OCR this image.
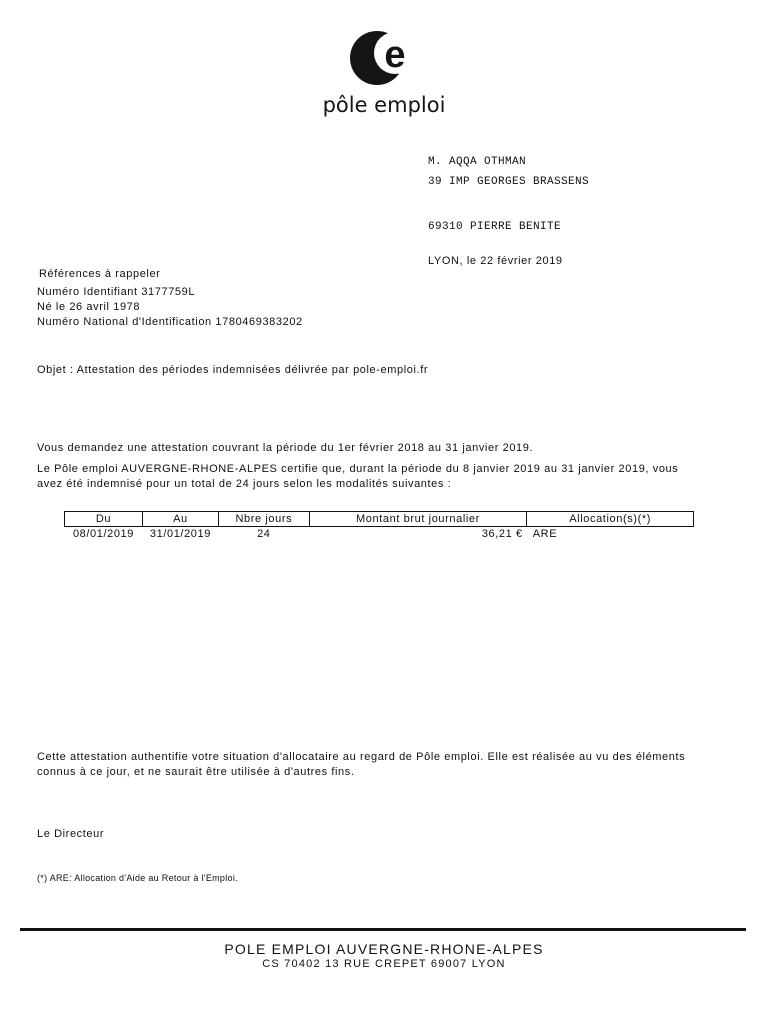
e
pôle emploi
M. AQQA OTHMAN
39 IMP GEORGES BRASSENS
69310 PIERRE BENITE
LYON, le 22 février 2019
Références à rappeler
Numéro Identifiant 3177759L
Né le 26 avril 1978
Numéro National d'Identification 1780469383202
Objet : Attestation des périodes indemnisées délivrée par pole-emploi.fr
Vous demandez une attestation couvrant la période du 1er février 2018 au 31 janvier 2019.
Le Pôle emploi AUVERGNE-RHONE-ALPES certifie que, durant la période du 8 janvier 2019 au 31 janvier 2019, vous
avez été indemnisé pour un total de 24 jours selon les modalités suivantes :
Du	Au	Nbre jours	Montant brut journalier	Allocation(s)(*)
08/01/2019	31/01/2019	24	36,21 €	ARE
Cette attestation authentifie votre situation d'allocataire au regard de Pôle emploi. Elle est réalisée au vu des éléments
connus à ce jour, et ne saurait être utilisée à d'autres fins.
Le Directeur
(*) ARE: Allocation d'Aide au Retour à l'Emploi.
POLE EMPLOI AUVERGNE-RHONE-ALPES
CS 70402 13 RUE CREPET 69007 LYON
